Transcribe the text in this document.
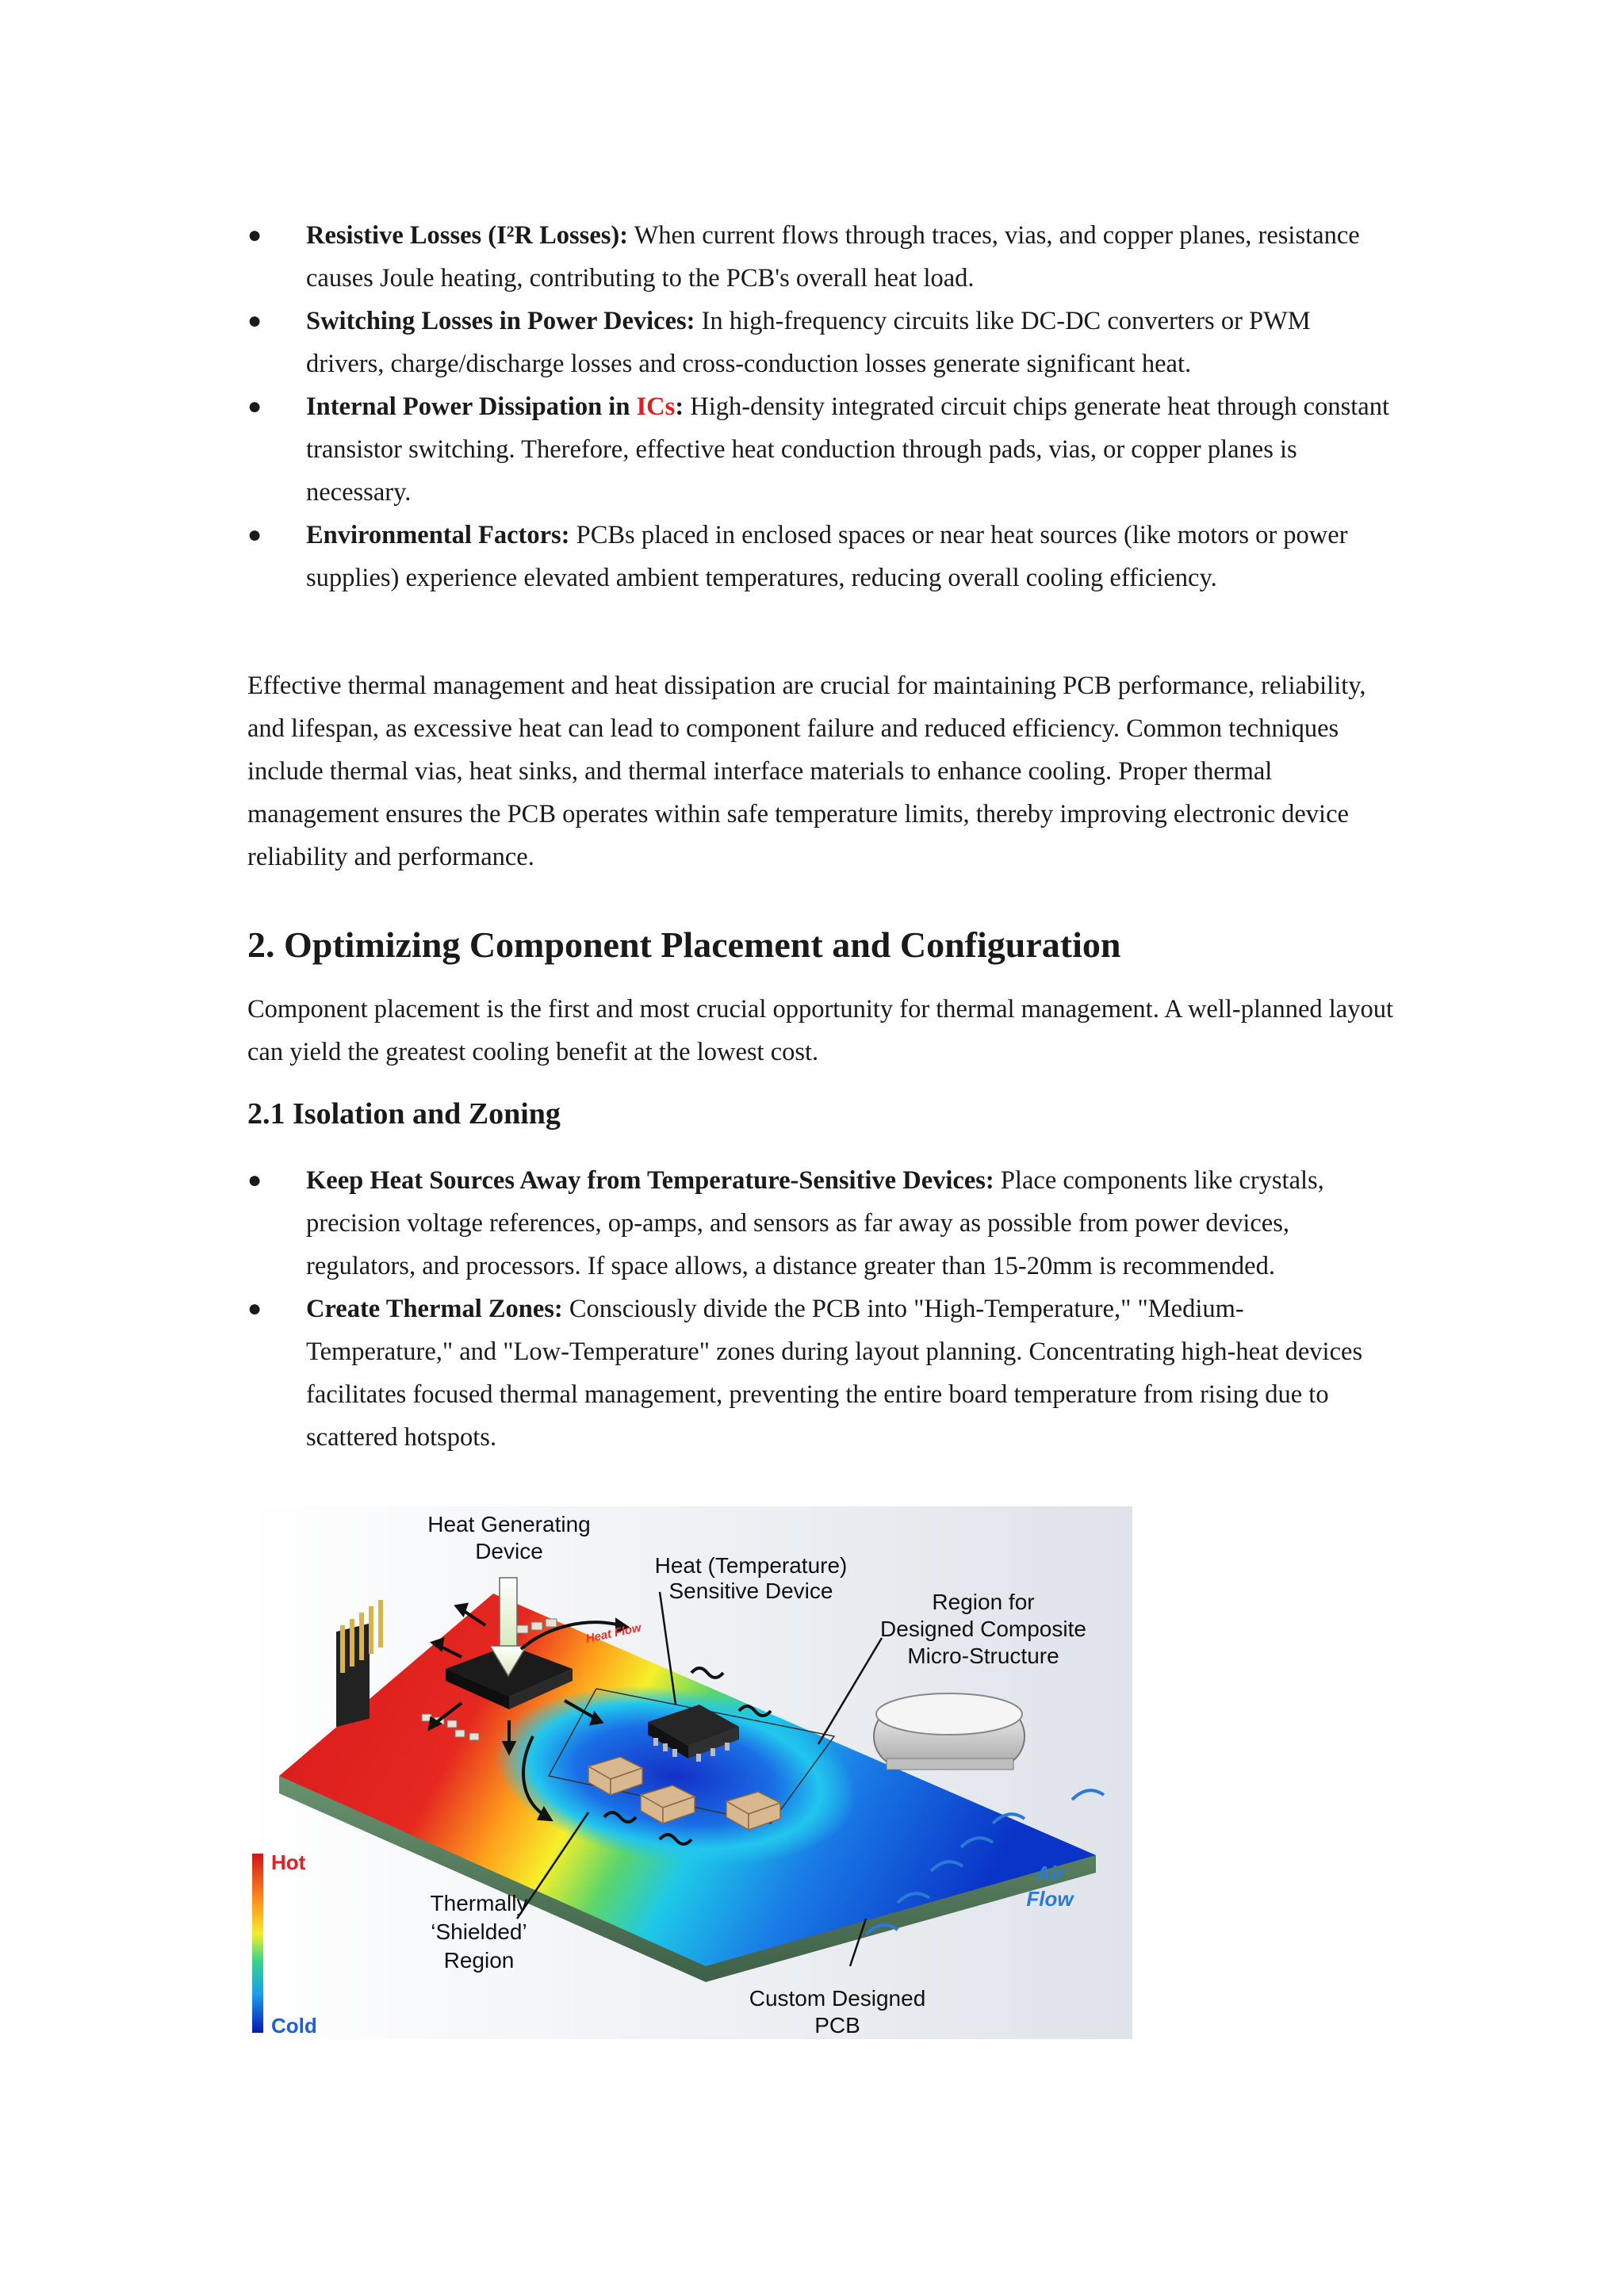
●	Resistive Losses (I²R Losses): When current flows through traces, vias, and copper planes, resistance causes Joule heating, contributing to the PCB's overall heat load.
●	Switching Losses in Power Devices: In high-frequency circuits like DC-DC converters or PWM drivers, charge/discharge losses and cross-conduction losses generate significant heat.
●	Internal Power Dissipation in ICs: High-density integrated circuit chips generate heat through constant transistor switching. Therefore, effective heat conduction through pads, vias, or copper planes is necessary.
●	Environmental Factors: PCBs placed in enclosed spaces or near heat sources (like motors or power supplies) experience elevated ambient temperatures, reducing overall cooling efficiency.

Effective thermal management and heat dissipation are crucial for maintaining PCB performance, reliability, and lifespan, as excessive heat can lead to component failure and reduced efficiency. Common techniques include thermal vias, heat sinks, and thermal interface materials to enhance cooling. Proper thermal management ensures the PCB operates within safe temperature limits, thereby improving electronic device reliability and performance.

2. Optimizing Component Placement and Configuration

Component placement is the first and most crucial opportunity for thermal management. A well-planned layout can yield the greatest cooling benefit at the lowest cost.

2.1 Isolation and Zoning
●	Keep Heat Sources Away from Temperature-Sensitive Devices: Place components like crystals, precision voltage references, op-amps, and sensors as far away as possible from power devices, regulators, and processors. If space allows, a distance greater than 15-20mm is recommended.
●	Create Thermal Zones: Consciously divide the PCB into "High-Temperature," "Medium-Temperature," and "Low-Temperature" zones during layout planning. Concentrating high-heat devices facilitates focused thermal management, preventing the entire board temperature from rising due to scattered hotspots.
Heat Generating
Device
Heat (Temperature)
Sensitive Device	Region for
Designed Composite
Micro-Structure
Heat Flow
Hot
Cold
Thermally
‘Shielded’
Region
Air
Flow
Custom Designed
PCB
